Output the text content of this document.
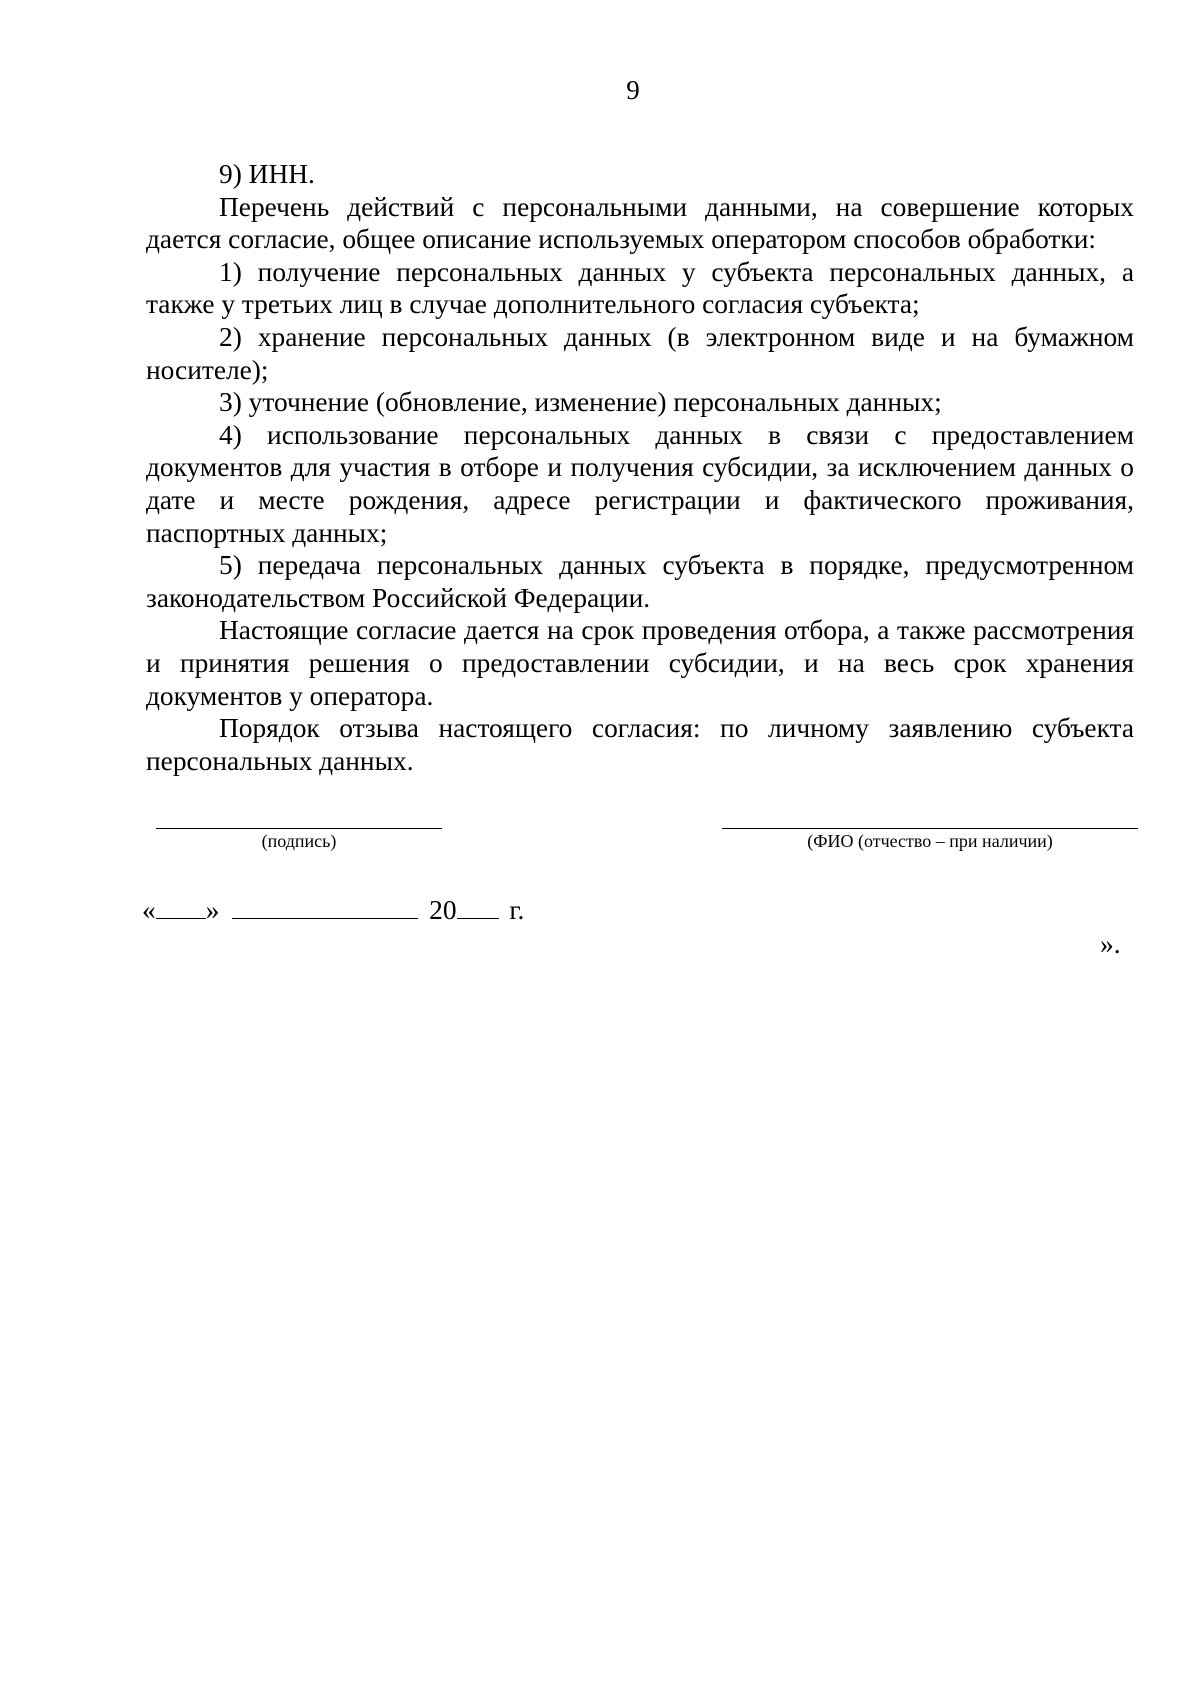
9

9) ИНН.

Перечень действий с персональными данными, на совершение которых дается согласие, общее описание используемых оператором способов обработки:

1) получение персональных данных у субъекта персональных данных, а также у третьих лиц в случае дополнительного согласия субъекта;

2) хранение персональных данных (в электронном виде и на бумажном носителе);

3) уточнение (обновление, изменение) персональных данных;

4) использование персональных данных в связи с предоставлением документов для участия в отборе и получения субсидии, за исключением данных о дате и месте рождения, адресе регистрации и фактического проживания, паспортных данных;

5) передача персональных данных субъекта в порядке, предусмотренном законодательством Российской Федерации.

Настоящие согласие дается на срок проведения отбора, а также рассмотрения и принятия решения о предоставлении субсидии, и на весь срок хранения документов у оператора.

Порядок отзыва настоящего согласия: по личному заявлению субъекта персональных данных.

(подпись)	(ФИО (отчество – при наличии)
« »	20 г.
».
